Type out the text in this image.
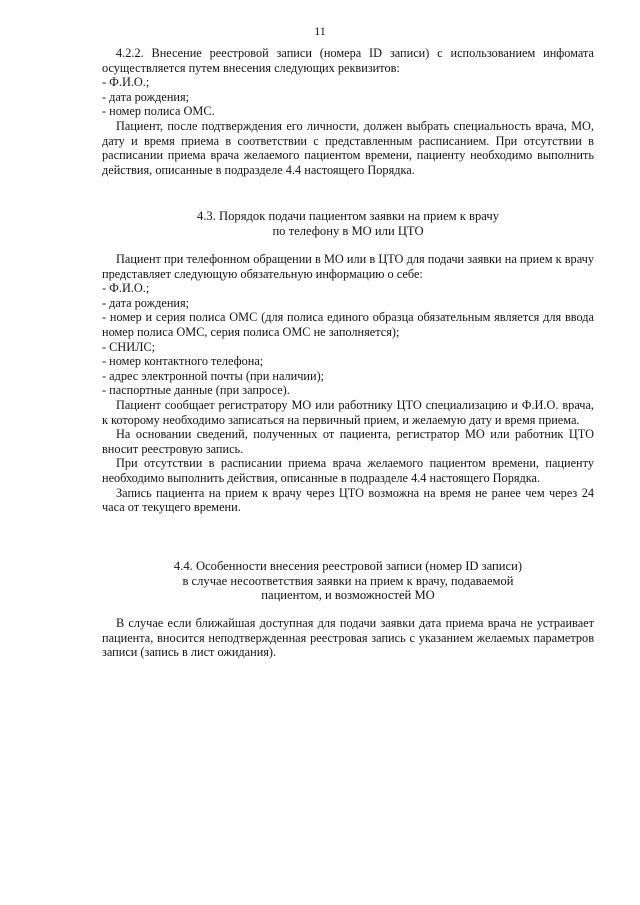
11

4.2.2. Внесение реестровой записи (номера ID записи) с использованием инфомата осуществляется путем внесения следующих реквизитов:

- Ф.И.О.;
- дата рождения;
- номер полиса ОМС.

Пациент, после подтверждения его личности, должен выбрать специальность врача, МО, дату и время приема в соответствии с представленным расписанием. При отсутствии в расписании приема врача желаемого пациентом времени, пациенту необходимо выполнить действия, описанные в подразделе 4.4 настоящего Порядка.

4.3. Порядок подачи пациентом заявки на прием к врачу
по телефону в МО или ЦТО

Пациент при телефонном обращении в МО или в ЦТО для подачи заявки на прием к врачу представляет следующую обязательную информацию о себе:

- Ф.И.О.;
- дата рождения;

- номер и серия полиса ОМС (для полиса единого образца обязательным является для ввода номер полиса ОМС, серия полиса ОМС не заполняется);

- СНИЛС;
- номер контактного телефона;
- адрес электронной почты (при наличии);
- паспортные данные (при запросе).

Пациент сообщает регистратору МО или работнику ЦТО специализацию и Ф.И.О. врача, к которому необходимо записаться на первичный прием, и желаемую дату и время приема.

На основании сведений, полученных от пациента, регистратор МО или работник ЦТО вносит реестровую запись.

При отсутствии в расписании приема врача желаемого пациентом времени, пациенту необходимо выполнить действия, описанные в подразделе 4.4 настоящего Порядка.

Запись пациента на прием к врачу через ЦТО возможна на время не ранее чем через 24 часа от текущего времени.

4.4. Особенности внесения реестровой записи (номер ID записи)
в случае несоответствия заявки на прием к врачу, подаваемой
пациентом, и возможностей МО

В случае если ближайшая доступная для подачи заявки дата приема врача не устраивает пациента, вносится неподтвержденная реестровая запись с указанием желаемых параметров записи (запись в лист ожидания).
